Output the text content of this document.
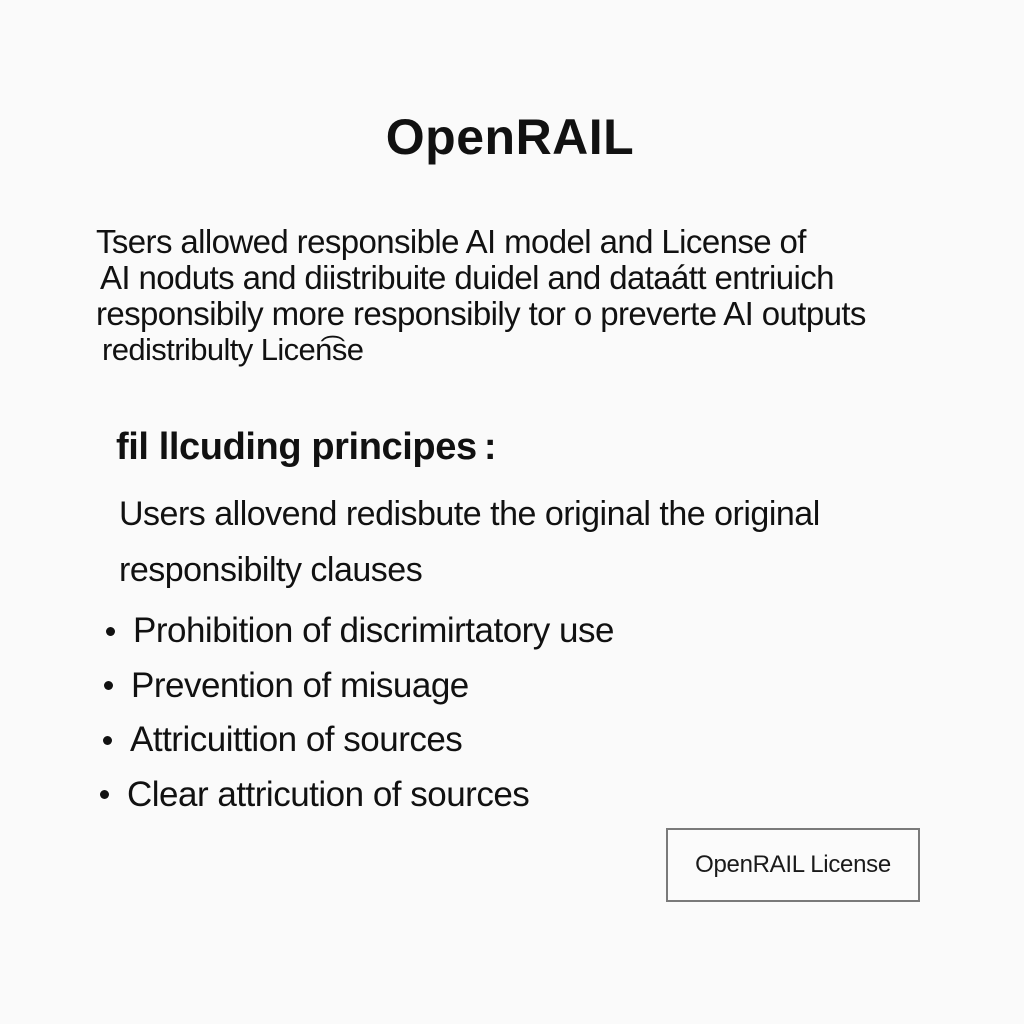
OpenRAIL

Tsers allowed responsible AI model and License of
AI noduts and diistribuite duidel and dataátt entriuich
responsibily more responsibily tor o preverte AI outputs
redistribulty Licen͡se

fil llcuding principes :

Users allovend redisbute the original the original
responsibilty clauses

Prohibition of discrimirtatory use
Prevention of misuage
Attricuittion of sources
Clear attricution of sources
OpenRAIL License
